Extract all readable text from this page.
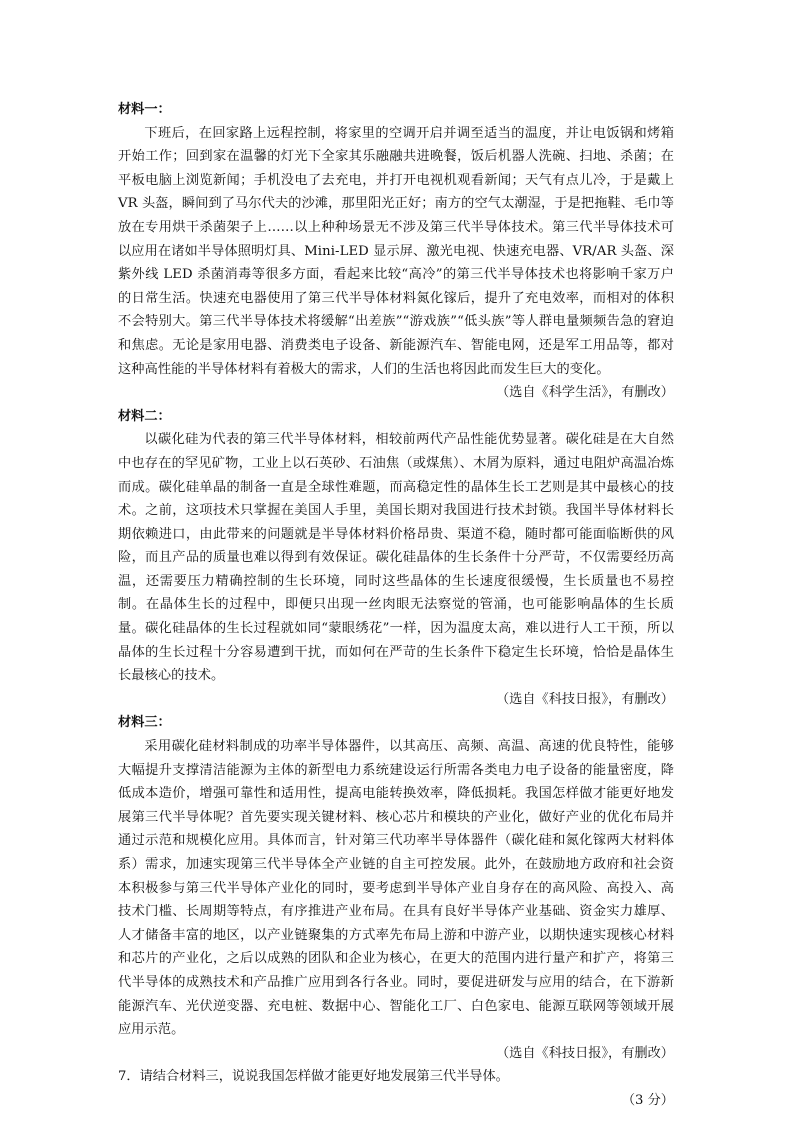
材料一：

下班后，在回家路上远程控制，将家里的空调开启并调至适当的温度，并让电饭锅和烤箱开始工作；回到家在温馨的灯光下全家其乐融融共进晚餐，饭后机器人洗碗、扫地、杀菌；在平板电脑上浏览新闻；手机没电了去充电，并打开电视机观看新闻；天气有点儿冷，于是戴上 VR 头盔，瞬间到了马尔代夫的沙滩，那里阳光正好；南方的空气太潮湿，于是把拖鞋、毛巾等放在专用烘干杀菌架子上……以上种种场景无不涉及第三代半导体技术。第三代半导体技术可以应用在诸如半导体照明灯具、Mini-LED 显示屏、激光电视、快速充电器、VR/AR 头盔、深紫外线 LED 杀菌消毒等很多方面，看起来比较“高冷”的第三代半导体技术也将影响千家万户的日常生活。快速充电器使用了第三代半导体材料氮化镓后，提升了充电效率，而相对的体积不会特别大。第三代半导体技术将缓解“出差族”“游戏族”“低头族”等人群电量频频告急的窘迫和焦虑。无论是家用电器、消费类电子设备、新能源汽车、智能电网，还是军工用品等，都对这种高性能的半导体材料有着极大的需求，人们的生活也将因此而发生巨大的变化。

（选自《科学生活》，有删改）

材料二：

以碳化硅为代表的第三代半导体材料，相较前两代产品性能优势显著。碳化硅是在大自然中也存在的罕见矿物，工业上以石英砂、石油焦（或煤焦）、木屑为原料，通过电阻炉高温冶炼而成。碳化硅单晶的制备一直是全球性难题，而高稳定性的晶体生长工艺则是其中最核心的技术。之前，这项技术只掌握在美国人手里，美国长期对我国进行技术封锁。我国半导体材料长期依赖进口，由此带来的问题就是半导体材料价格昂贵、渠道不稳，随时都可能面临断供的风险，而且产品的质量也难以得到有效保证。碳化硅晶体的生长条件十分严苛，不仅需要经历高温，还需要压力精确控制的生长环境，同时这些晶体的生长速度很缓慢，生长质量也不易控制。在晶体生长的过程中，即便只出现一丝肉眼无法察觉的管涌，也可能影响晶体的生长质量。碳化硅晶体的生长过程就如同“蒙眼绣花”一样，因为温度太高，难以进行人工干预，所以晶体的生长过程十分容易遭到干扰，而如何在严苛的生长条件下稳定生长环境，恰恰是晶体生长最核心的技术。

（选自《科技日报》，有删改）

材料三：

采用碳化硅材料制成的功率半导体器件，以其高压、高频、高温、高速的优良特性，能够大幅提升支撑清洁能源为主体的新型电力系统建设运行所需各类电力电子设备的能量密度，降低成本造价，增强可靠性和适用性，提高电能转换效率，降低损耗。我国怎样做才能更好地发展第三代半导体呢？首先要实现关键材料、核心芯片和模块的产业化，做好产业的优化布局并通过示范和规模化应用。具体而言，针对第三代功率半导体器件（碳化硅和氮化镓两大材料体系）需求，加速实现第三代半导体全产业链的自主可控发展。此外，在鼓励地方政府和社会资本积极参与第三代半导体产业化的同时，要考虑到半导体产业自身存在的高风险、高投入、高技术门槛、长周期等特点，有序推进产业布局。在具有良好半导体产业基础、资金实力雄厚、人才储备丰富的地区，以产业链聚集的方式率先布局上游和中游产业，以期快速实现核心材料和芯片的产业化，之后以成熟的团队和企业为核心，在更大的范围内进行量产和扩产，将第三代半导体的成熟技术和产品推广应用到各行各业。同时，要促进研发与应用的结合，在下游新能源汽车、光伏逆变器、充电桩、数据中心、智能化工厂、白色家电、能源互联网等领域开展应用示范。

（选自《科技日报》，有删改）

7．请结合材料三，说说我国怎样做才能更好地发展第三代半导体。

（3 分）
